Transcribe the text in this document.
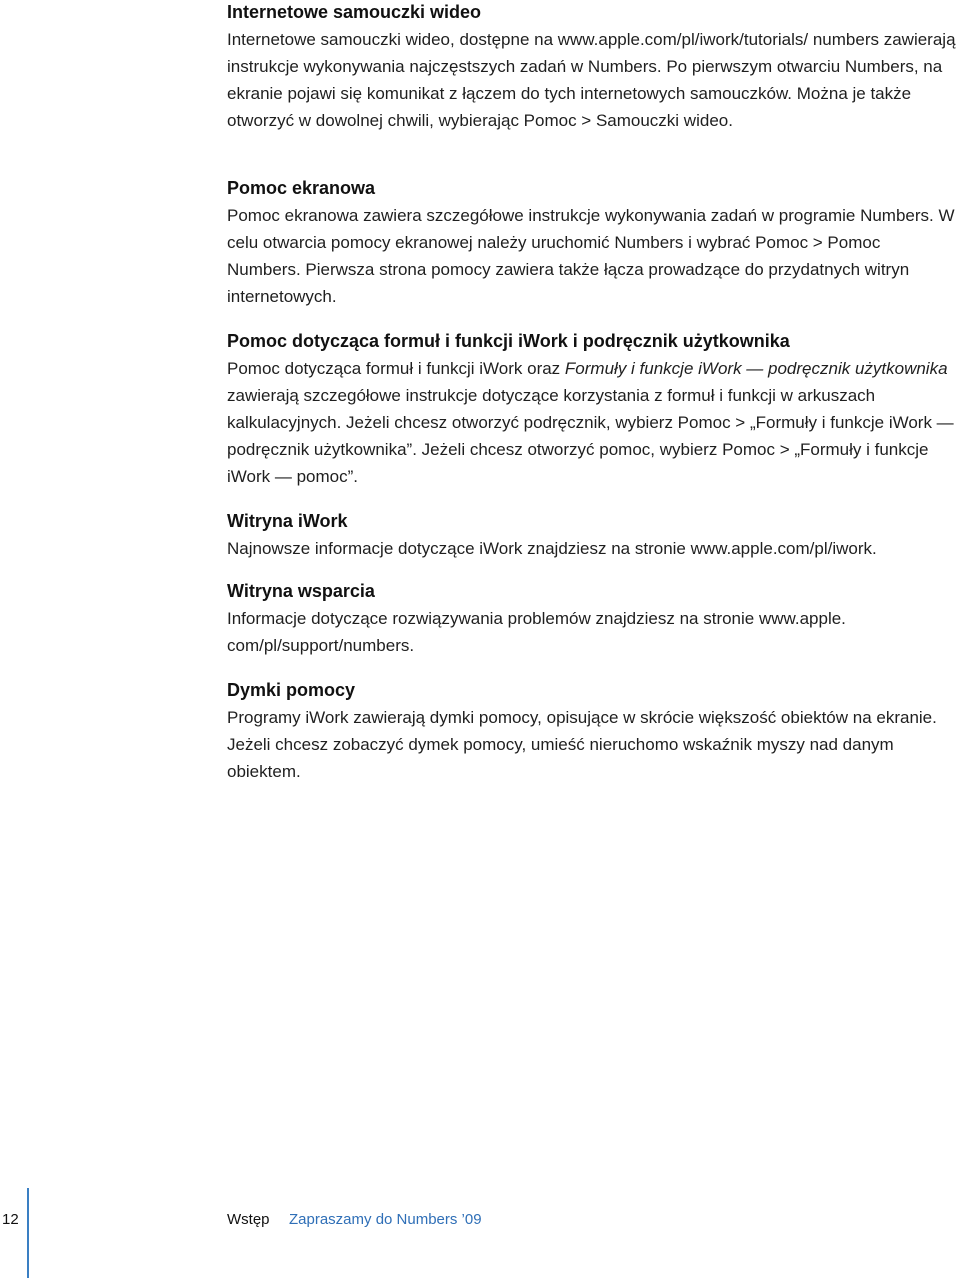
Internetowe samouczki wideo

Internetowe samouczki wideo, dostępne na www.apple.com/pl/iwork/tutorials/ numbers zawierają instrukcje wykonywania najczęstszych zadań w Numbers. Po pierwszym otwarciu Numbers, na ekranie pojawi się komunikat z łączem do tych internetowych samouczków. Można je także otworzyć w dowolnej chwili, wybierając Pomoc > Samouczki wideo.

Pomoc ekranowa

Pomoc ekranowa zawiera szczegółowe instrukcje wykonywania zadań w programie Numbers. W celu otwarcia pomocy ekranowej należy uruchomić Numbers i wybrać Pomoc > Pomoc Numbers. Pierwsza strona pomocy zawiera także łącza prowadzące do przydatnych witryn internetowych.

Pomoc dotycząca formuł i funkcji iWork i podręcznik użytkownika

Pomoc dotycząca formuł i funkcji iWork oraz Formuły i funkcje iWork — podręcznik użytkownika zawierają szczegółowe instrukcje dotyczące korzystania z formuł i funkcji w arkuszach kalkulacyjnych. Jeżeli chcesz otworzyć podręcznik, wybierz Pomoc > „Formuły i funkcje iWork — podręcznik użytkownika”. Jeżeli chcesz otworzyć pomoc, wybierz Pomoc > „Formuły i funkcje iWork — pomoc”.

Witryna iWork

Najnowsze informacje dotyczące iWork znajdziesz na stronie www.apple.com/pl/iwork.

Witryna wsparcia

Informacje dotyczące rozwiązywania problemów znajdziesz na stronie www.apple. com/pl/support/numbers.

Dymki pomocy

Programy iWork zawierają dymki pomocy, opisujące w skrócie większość obiektów na ekranie. Jeżeli chcesz zobaczyć dymek pomocy, umieść nieruchomo wskaźnik myszy nad danym obiektem.

12	Wstęp Zapraszamy do Numbers ’09
